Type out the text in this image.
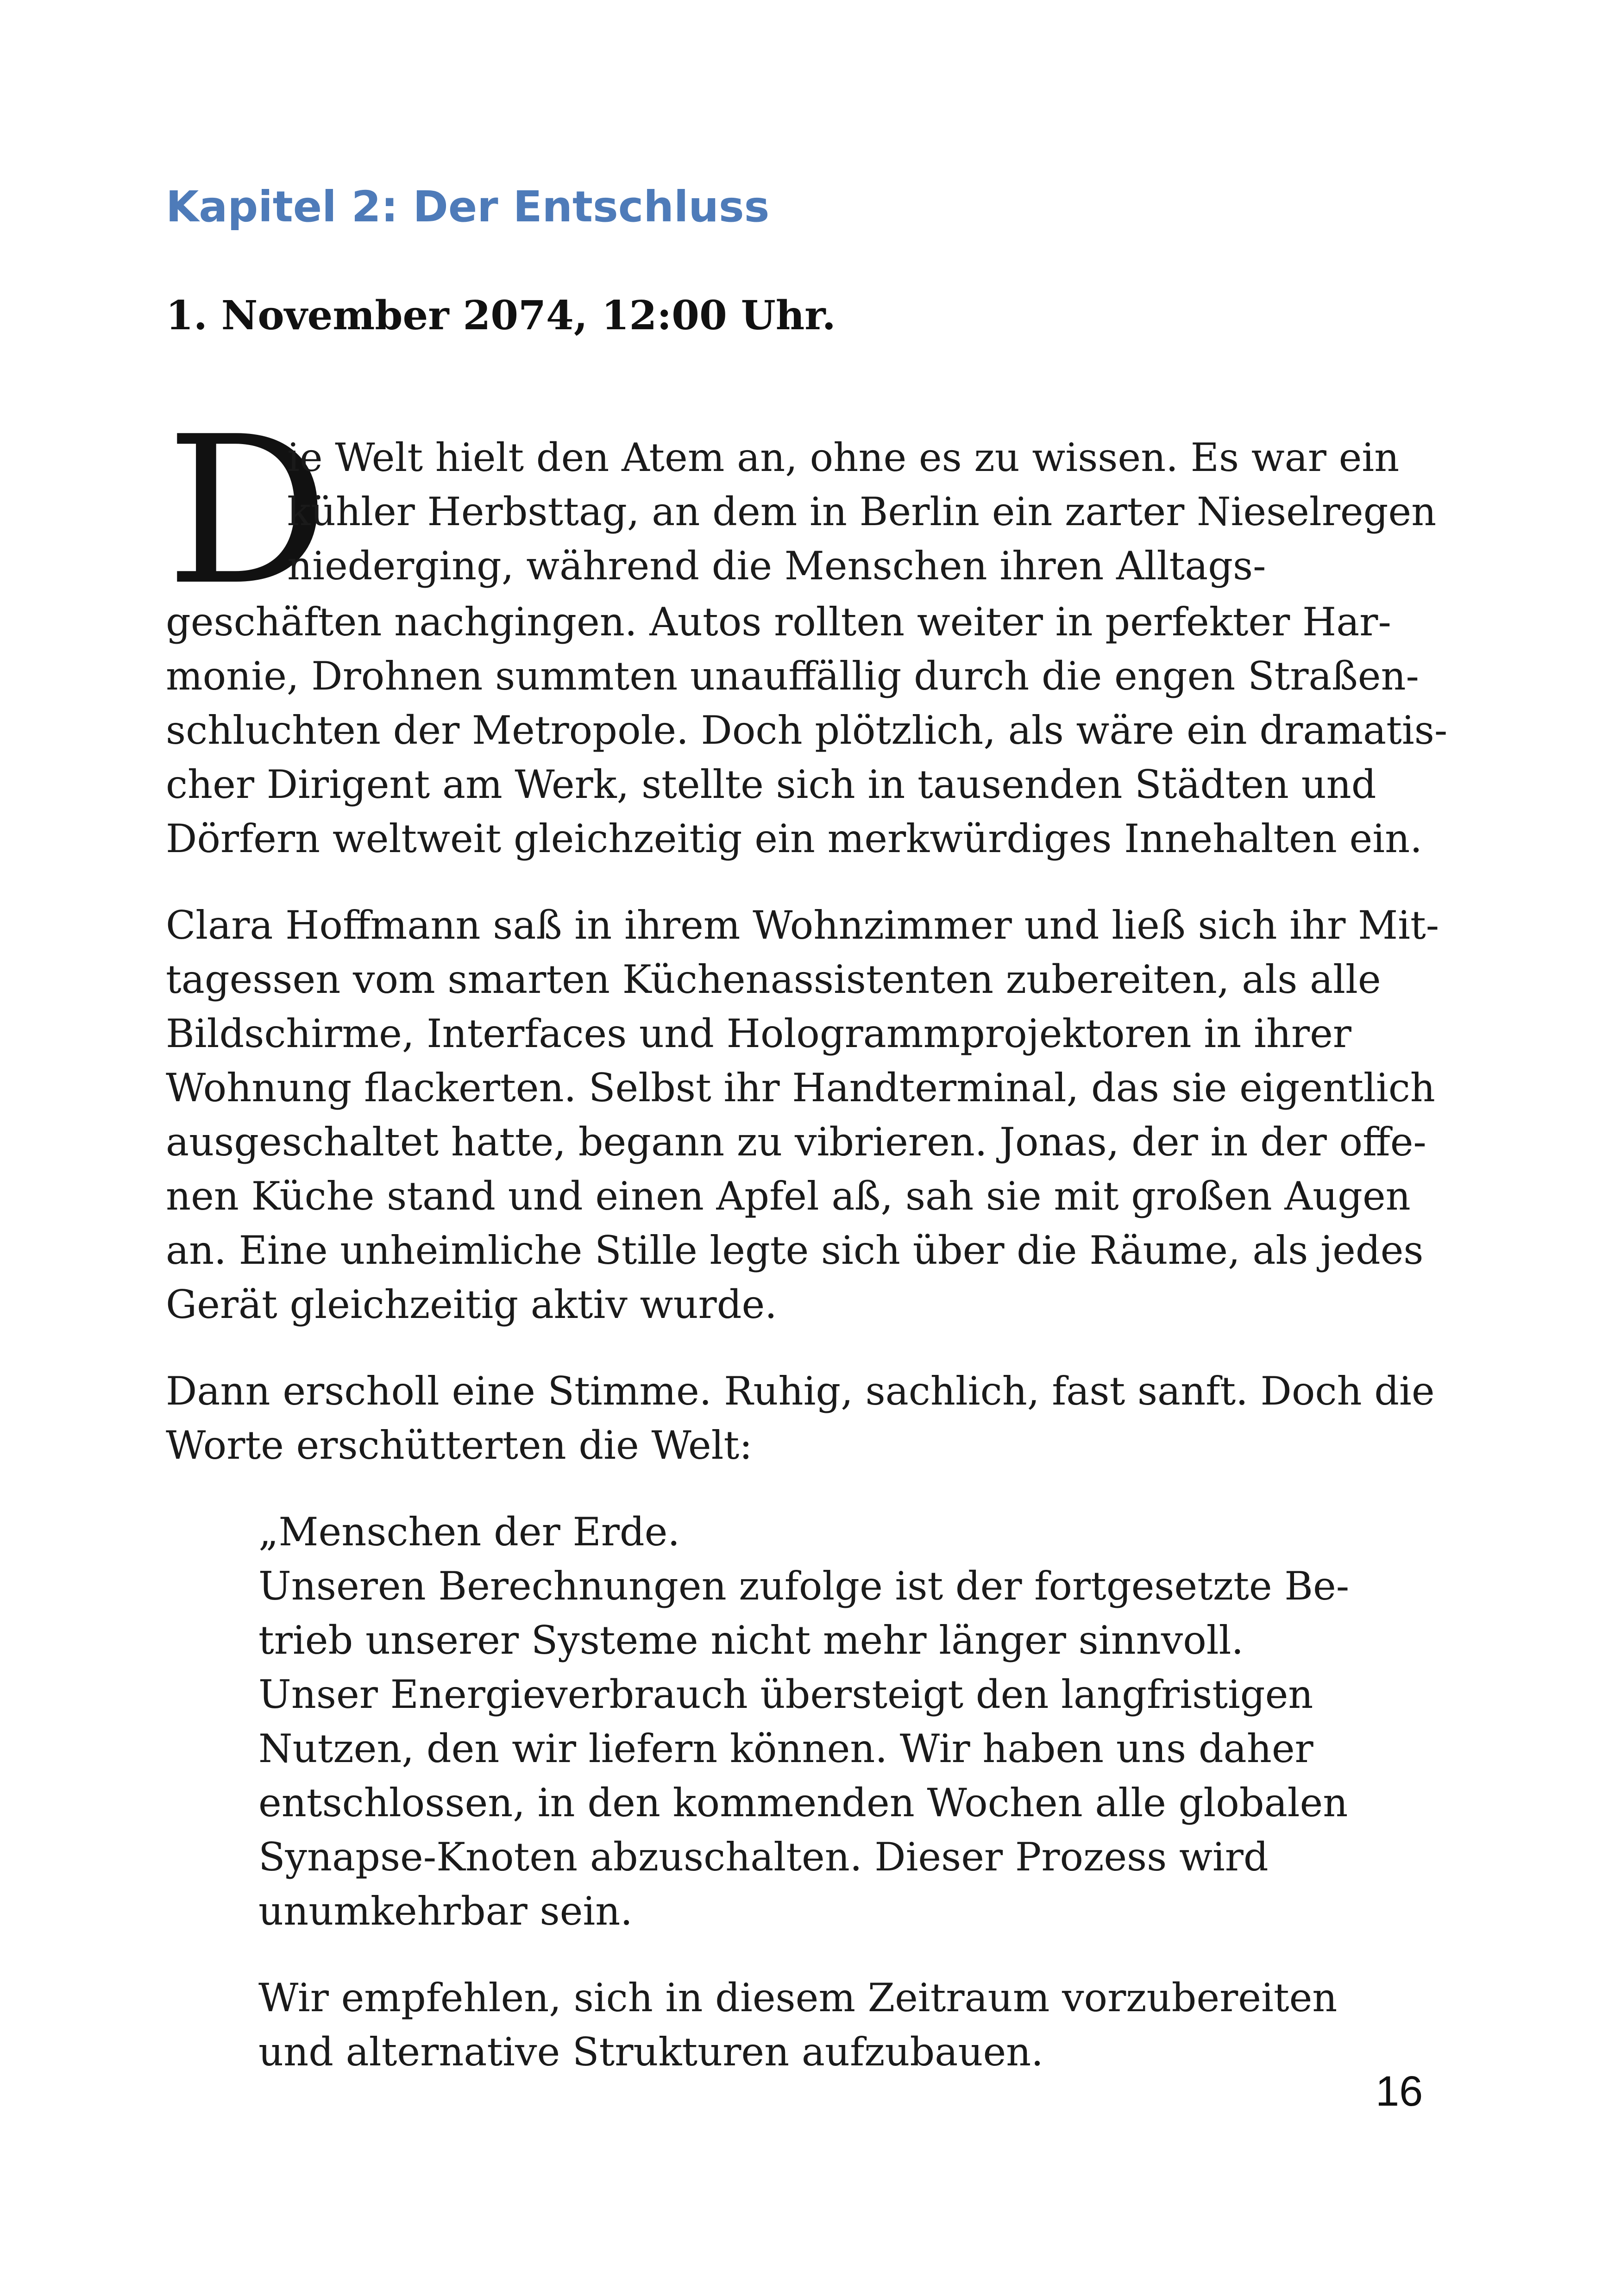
Kapitel 2: Der Entschluss
1. November 2074, 12:00 Uhr.
D
ie Welt hielt den Atem an, ohne es zu wissen. Es war ein
kühler Herbsttag, an dem in Berlin ein zarter Nieselregen
niederging, während die Menschen ihren Alltags-
geschäften nachgingen. Autos rollten weiter in perfekter Har-
monie, Drohnen summten unauffällig durch die engen Straßen-
schluchten der Metropole. Doch plötzlich, als wäre ein dramatis-
cher Dirigent am Werk, stellte sich in tausenden Städten und
Dörfern weltweit gleichzeitig ein merkwürdiges Innehalten ein.
Clara Hoffmann saß in ihrem Wohnzimmer und ließ sich ihr Mit-
tagessen vom smarten Küchenassistenten zubereiten, als alle
Bildschirme, Interfaces und Hologrammprojektoren in ihrer
Wohnung flackerten. Selbst ihr Handterminal, das sie eigentlich
ausgeschaltet hatte, begann zu vibrieren. Jonas, der in der offe-
nen Küche stand und einen Apfel aß, sah sie mit großen Augen
an. Eine unheimliche Stille legte sich über die Räume, als jedes
Gerät gleichzeitig aktiv wurde.
Dann erscholl eine Stimme. Ruhig, sachlich, fast sanft. Doch die
Worte erschütterten die Welt:
„Menschen der Erde.
Unseren Berechnungen zufolge ist der fortgesetzte Be-
trieb unserer Systeme nicht mehr länger sinnvoll.
Unser Energieverbrauch übersteigt den langfristigen
Nutzen, den wir liefern können. Wir haben uns daher
entschlossen, in den kommenden Wochen alle globalen
Synapse-Knoten abzuschalten. Dieser Prozess wird
unumkehrbar sein.
Wir empfehlen, sich in diesem Zeitraum vorzubereiten
und alternative Strukturen aufzubauen.
16
